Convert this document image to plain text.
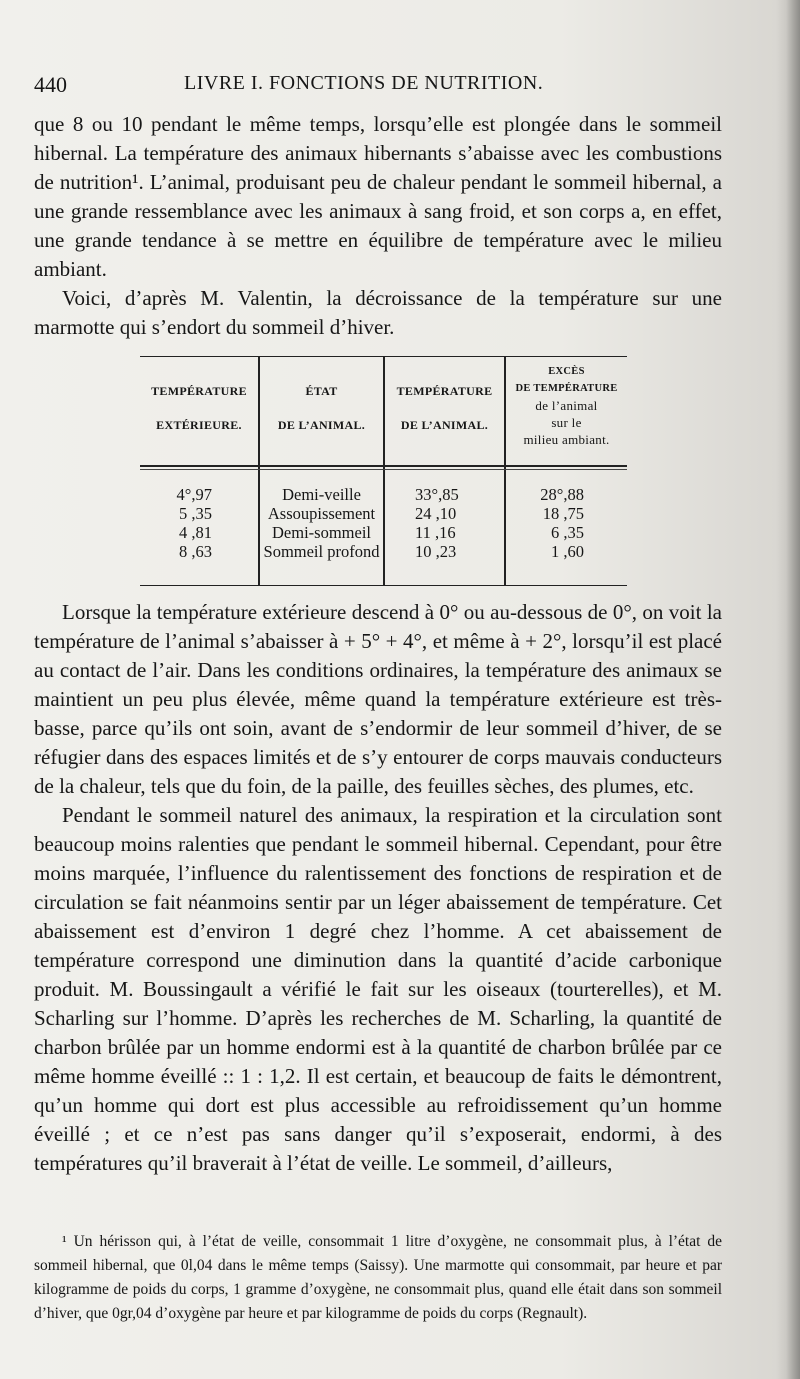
440	LIVRE I. FONCTIONS DE NUTRITION.

que 8 ou 10 pendant le même temps, lorsqu’elle est plongée dans le sommeil hibernal. La température des animaux hibernants s’abaisse avec les combustions de nutrition¹. L’animal, produisant peu de chaleur pendant le sommeil hibernal, a une grande ressemblance avec les animaux à sang froid, et son corps a, en effet, une grande tendance à se mettre en équilibre de température avec le milieu ambiant.

Voici, d’après M. Valentin, la décroissance de la température sur une marmotte qui s’endort du sommeil d’hiver.

TEMPÉRATURE

EXTÉRIEURE.
4°,97
5 ,35
4 ,81
8 ,63
ÉTAT

DE L’ANIMAL.
Demi-veille
Assoupissement
Demi-sommeil
Sommeil profond
TEMPÉRATURE

DE L’ANIMAL.
33°,85
24 ,10
11 ,16
10 ,23
EXCÈS
DE TEMPÉRATURE
de l’animal
sur le
milieu ambiant.
28°,88
18 ,75
6 ,35
1 ,60

Lorsque la température extérieure descend à 0° ou au-dessous de 0°, on voit la température de l’animal s’abaisser à + 5° + 4°, et même à + 2°, lorsqu’il est placé au contact de l’air. Dans les conditions ordinaires, la température des animaux se maintient un peu plus élevée, même quand la température extérieure est très-basse, parce qu’ils ont soin, avant de s’endormir de leur sommeil d’hiver, de se réfugier dans des espaces limités et de s’y entourer de corps mauvais conducteurs de la chaleur, tels que du foin, de la paille, des feuilles sèches, des plumes, etc.

Pendant le sommeil naturel des animaux, la respiration et la circulation sont beaucoup moins ralenties que pendant le sommeil hibernal. Cependant, pour être moins marquée, l’influence du ralentissement des fonctions de respiration et de circulation se fait néanmoins sentir par un léger abaissement de température. Cet abaissement est d’environ 1 degré chez l’homme. A cet abaissement de température correspond une diminution dans la quantité d’acide carbonique produit. M. Boussingault a vérifié le fait sur les oiseaux (tourterelles), et M. Scharling sur l’homme. D’après les recherches de M. Scharling, la quantité de charbon brûlée par un homme endormi est à la quantité de charbon brûlée par ce même homme éveillé :: 1 : 1,2. Il est certain, et beaucoup de faits le démontrent, qu’un homme qui dort est plus accessible au refroidissement qu’un homme éveillé ; et ce n’est pas sans danger qu’il s’exposerait, endormi, à des températures qu’il braverait à l’état de veille. Le sommeil, d’ailleurs,

¹ Un hérisson qui, à l’état de veille, consommait 1 litre d’oxygène, ne consommait plus, à l’état de sommeil hibernal, que 0l,04 dans le même temps (Saissy). Une marmotte qui consommait, par heure et par kilogramme de poids du corps, 1 gramme d’oxygène, ne consommait plus, quand elle était dans son sommeil d’hiver, que 0gr,04 d’oxygène par heure et par kilogramme de poids du corps (Regnault).
